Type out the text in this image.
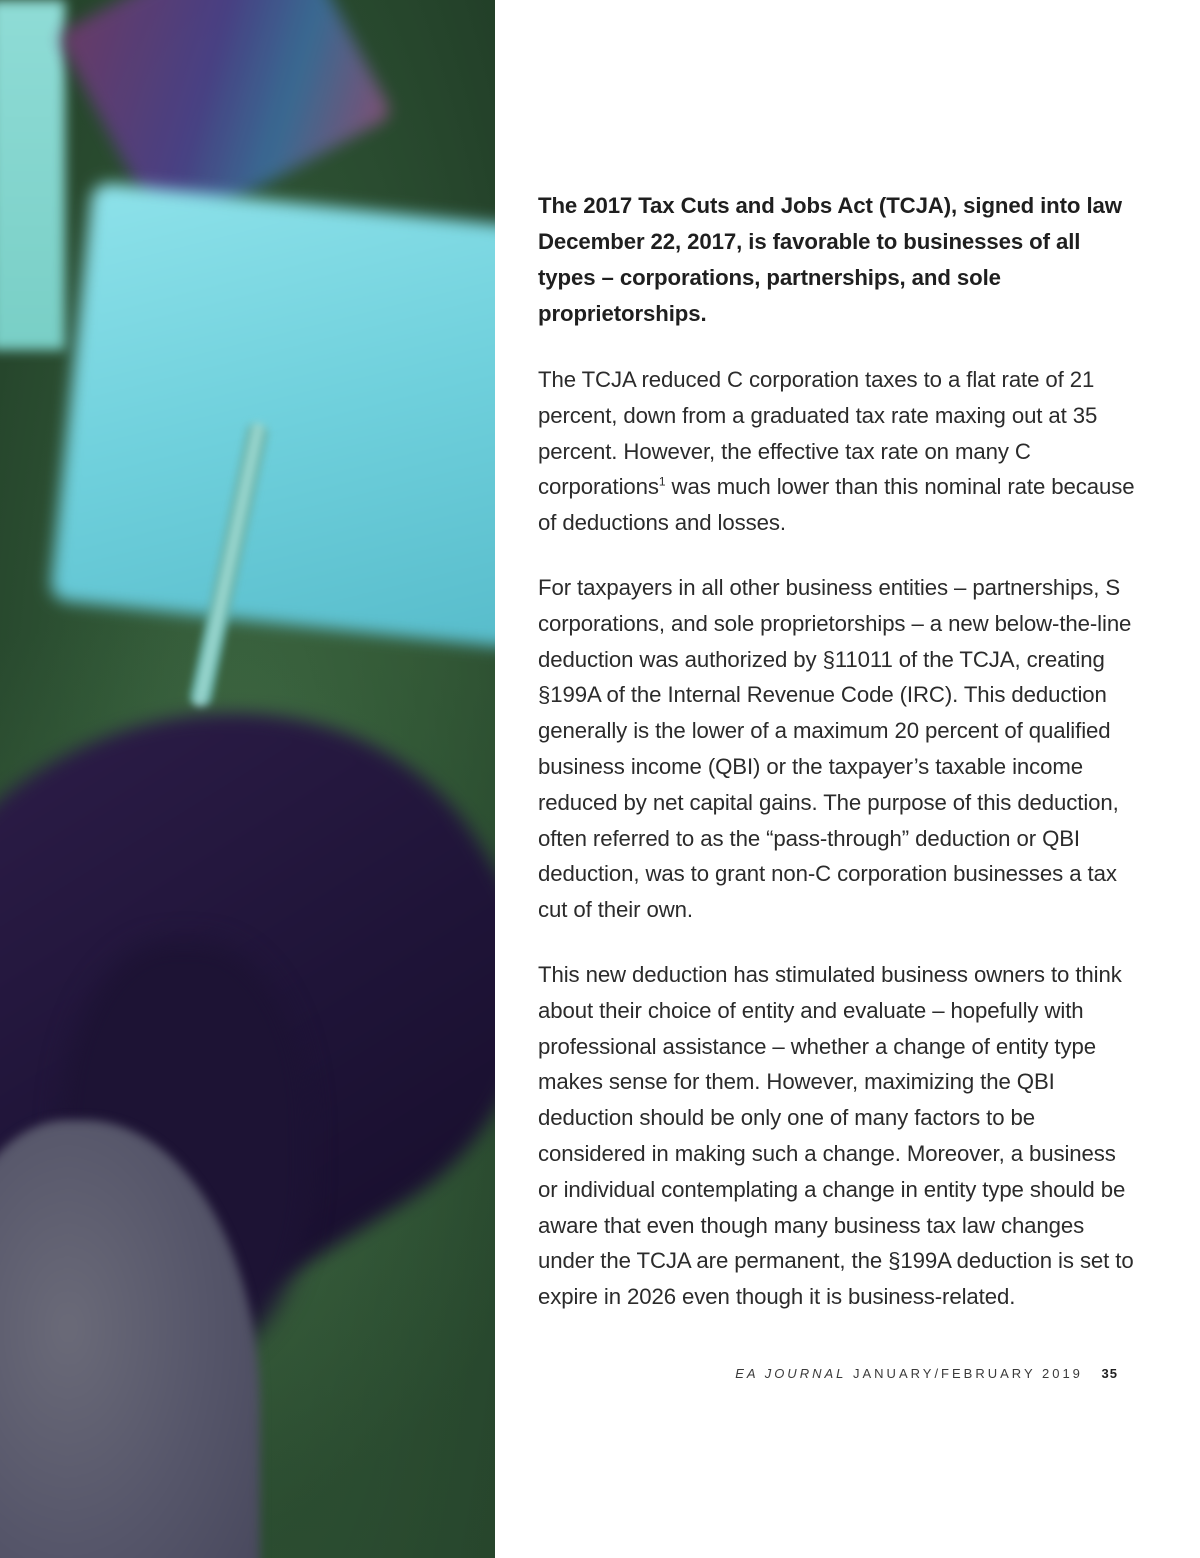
The 2017 Tax Cuts and Jobs Act (TCJA), signed into law December 22, 2017, is favorable to businesses of all types – corporations, partnerships, and sole proprietorships.

The TCJA reduced C corporation taxes to a flat rate of 21 percent, down from a graduated tax rate maxing out at 35 percent. However, the effective tax rate on many C corporations$^1$ was much lower than this nominal rate because of deductions and losses.

For taxpayers in all other business entities – partnerships, S corporations, and sole proprietorships – a new below-the-line deduction was authorized by §11011 of the TCJA, creating §199A of the Internal Revenue Code (IRC). This deduction generally is the lower of a maximum 20 percent of qualified business income (QBI) or the taxpayer’s taxable income reduced by net capital gains. The purpose of this deduction, often referred to as the “pass-through” deduction or QBI deduction, was to grant non-C corporation businesses a tax cut of their own.

This new deduction has stimulated business owners to think about their choice of entity and evaluate – hopefully with professional assistance – whether a change of entity type makes sense for them. However, maximizing the QBI deduction should be only one of many factors to be considered in making such a change. Moreover, a business or individual contemplating a change in entity type should be aware that even though many business tax law changes under the TCJA are permanent, the §199A deduction is set to expire in 2026 even though it is business-related.

EA JOURNAL JANUARY/FEBRUARY 2019 35
